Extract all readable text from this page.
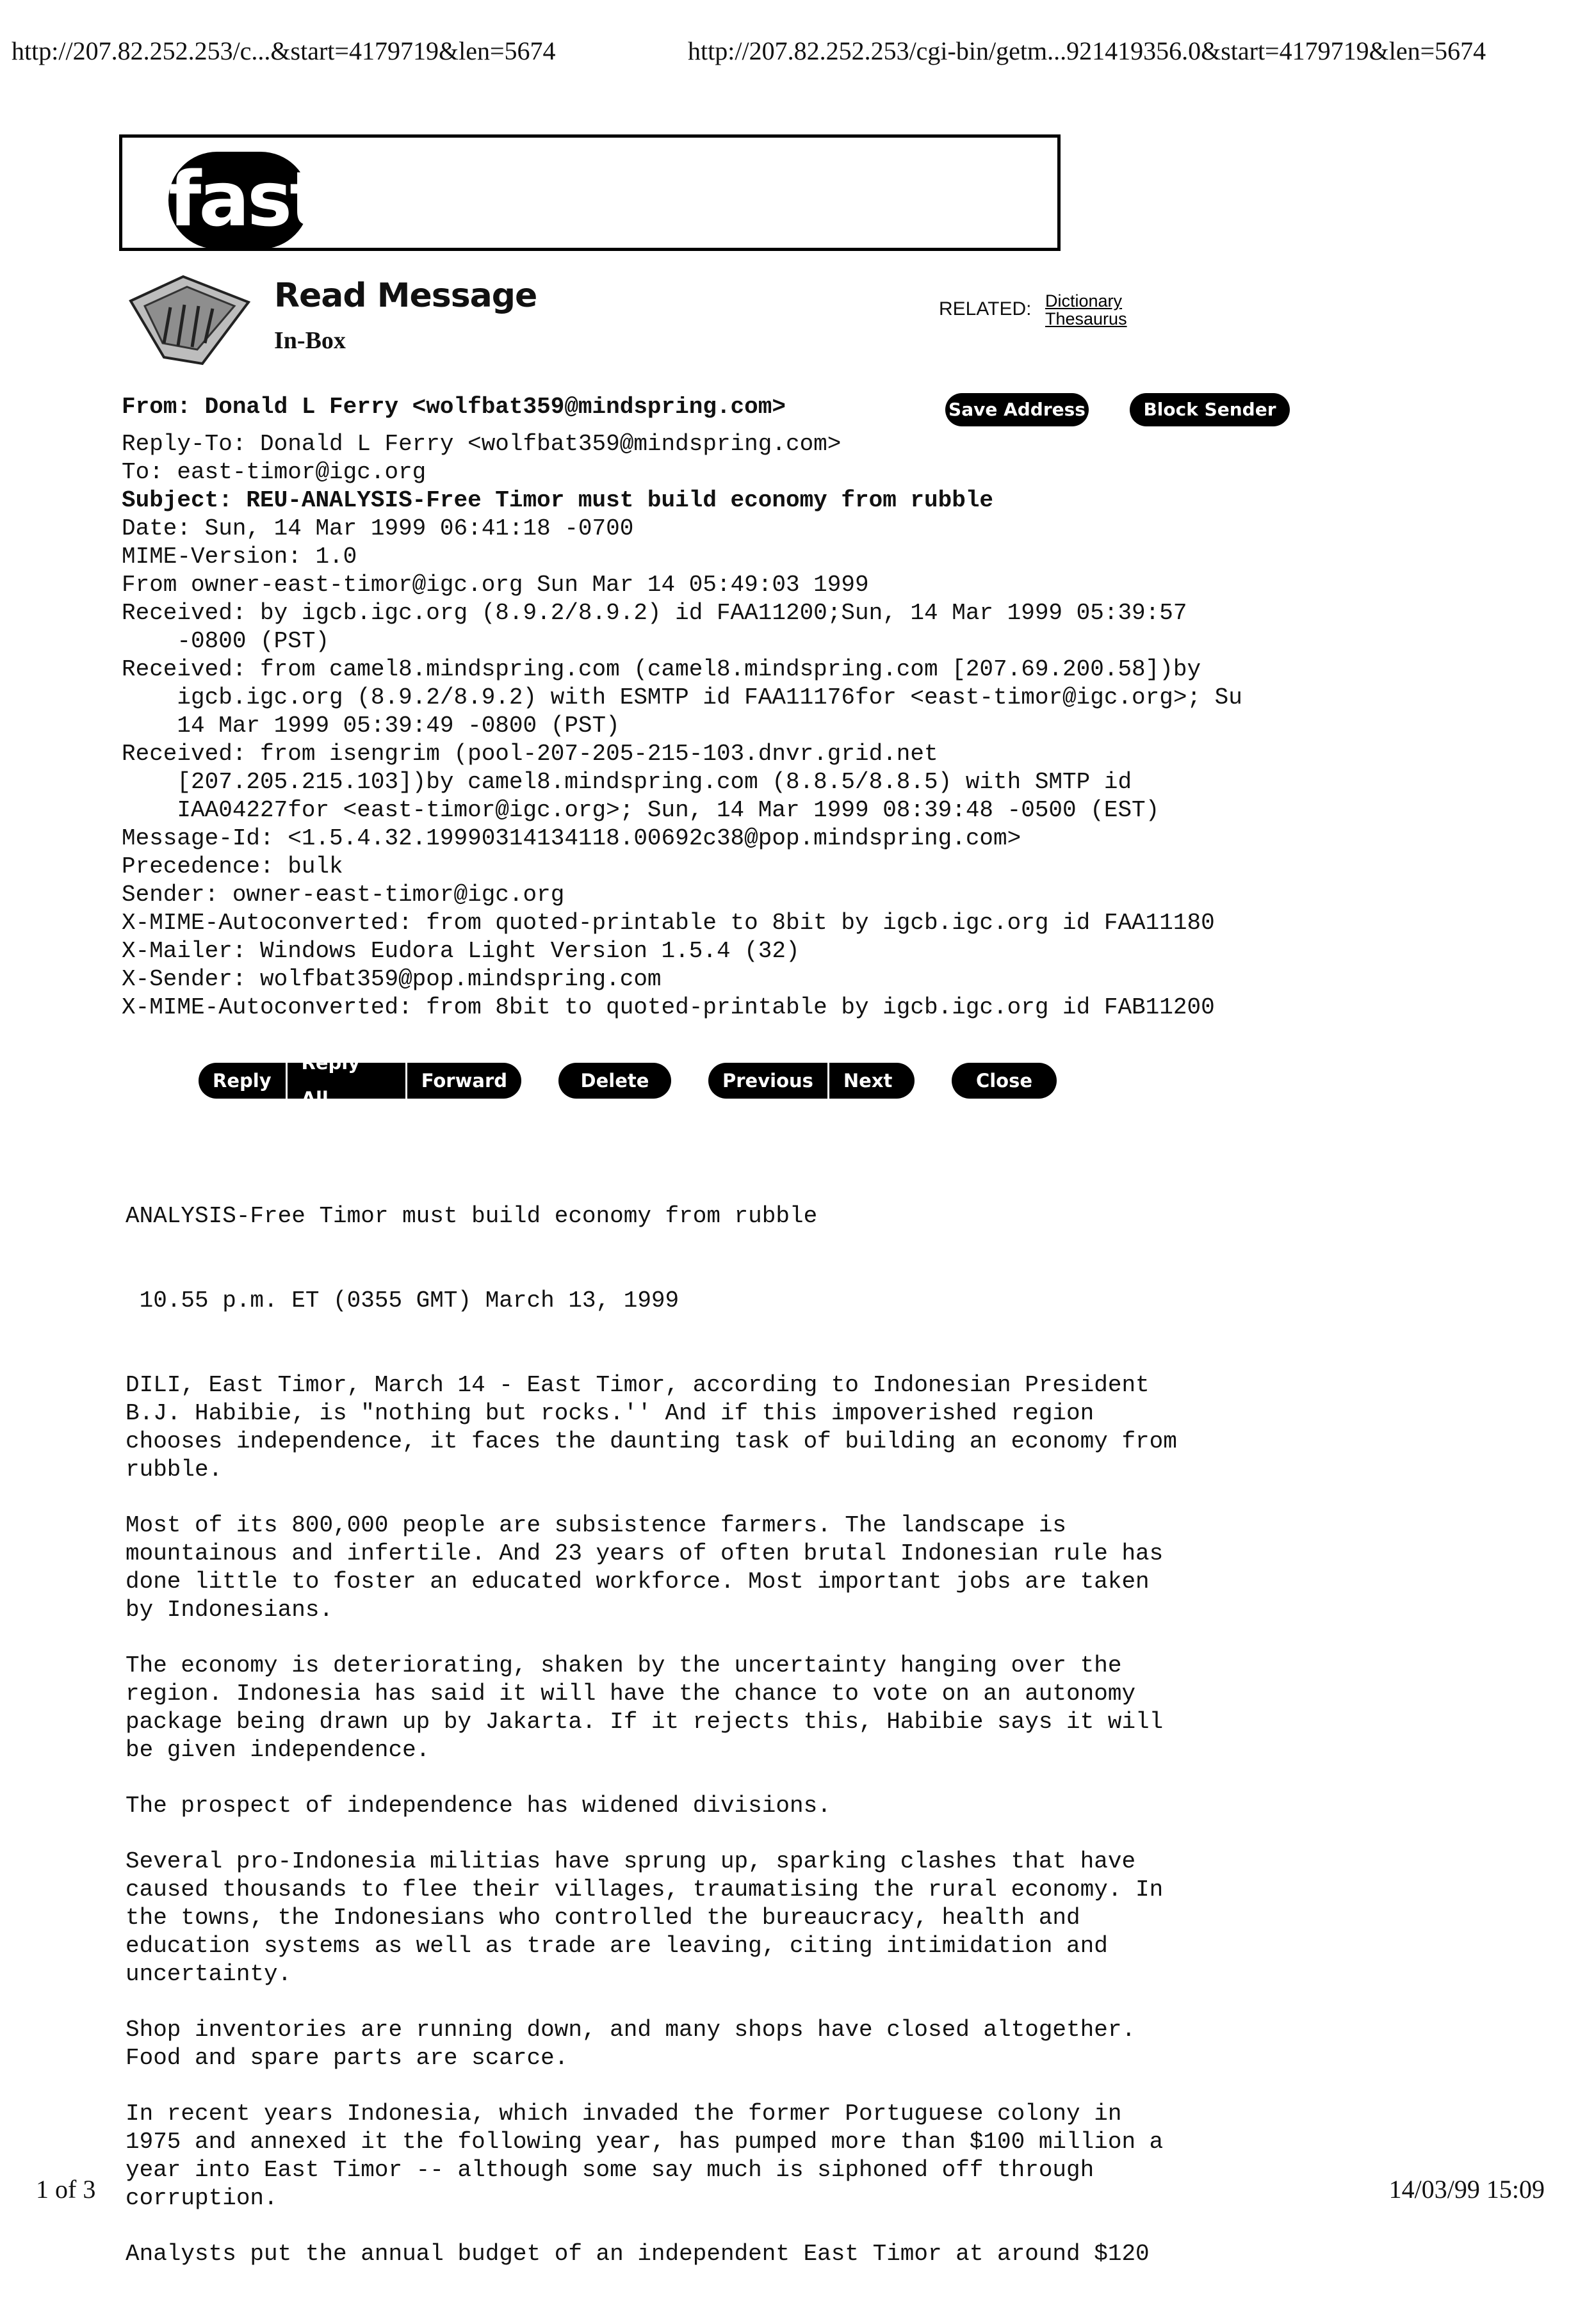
http://207.82.252.253/c...&start=4179719&len=5674	http://207.82.252.253/cgi-bin/getm...921419356.0&start=4179719&len=5674
fast
Read Message
In-Box
RELATED: Dictionary
Thesaurus
From: Donald L Ferry <wolfbat359@mindspring.com>	Save Address	Block Sender
Reply-To: Donald L Ferry <wolfbat359@mindspring.com>
To: east-timor@igc.org
Subject: REU-ANALYSIS-Free Timor must build economy from rubble
Date: Sun, 14 Mar 1999 06:41:18 -0700
MIME-Version: 1.0
From owner-east-timor@igc.org Sun Mar 14 05:49:03 1999
Received: by igcb.igc.org (8.9.2/8.9.2) id FAA11200;Sun, 14 Mar 1999 05:39:57
-0800 (PST)
Received: from camel8.mindspring.com (camel8.mindspring.com [207.69.200.58])by
igcb.igc.org (8.9.2/8.9.2) with ESMTP id FAA11176for <east-timor@igc.org>; Su
14 Mar 1999 05:39:49 -0800 (PST)
Received: from isengrim (pool-207-205-215-103.dnvr.grid.net
[207.205.215.103])by camel8.mindspring.com (8.8.5/8.8.5) with SMTP id
IAA04227for <east-timor@igc.org>; Sun, 14 Mar 1999 08:39:48 -0500 (EST)
Message-Id: <1.5.4.32.19990314134118.00692c38@pop.mindspring.com>
Precedence: bulk
Sender: owner-east-timor@igc.org
X-MIME-Autoconverted: from quoted-printable to 8bit by igcb.igc.org id FAA11180
X-Mailer: Windows Eudora Light Version 1.5.4 (32)
X-Sender: wolfbat359@pop.mindspring.com
X-MIME-Autoconverted: from 8bit to quoted-printable by igcb.igc.org id FAB11200
Reply
Reply All
Forward	Delete	Previous	Next	Close

ANALYSIS-Free Timor must build economy from rubble

10.55 p.m. ET (0355 GMT) March 13, 1999

DILI, East Timor, March 14 - East Timor, according to Indonesian President
B.J. Habibie, is "nothing but rocks.'' And if this impoverished region
chooses independence, it faces the daunting task of building an economy from
rubble.

Most of its 800,000 people are subsistence farmers. The landscape is
mountainous and infertile. And 23 years of often brutal Indonesian rule has
done little to foster an educated workforce. Most important jobs are taken
by Indonesians.

The economy is deteriorating, shaken by the uncertainty hanging over the
region. Indonesia has said it will have the chance to vote on an autonomy
package being drawn up by Jakarta. If it rejects this, Habibie says it will
be given independence.

The prospect of independence has widened divisions.

Several pro-Indonesia militias have sprung up, sparking clashes that have
caused thousands to flee their villages, traumatising the rural economy. In
the towns, the Indonesians who controlled the bureaucracy, health and
education systems as well as trade are leaving, citing intimidation and
uncertainty.

Shop inventories are running down, and many shops have closed altogether.
Food and spare parts are scarce.

In recent years Indonesia, which invaded the former Portuguese colony in
1975 and annexed it the following year, has pumped more than $100 million a
year into East Timor -- although some say much is siphoned off through
corruption.

Analysts put the annual budget of an independent East Timor at around $120

1 of 3	14/03/99 15:09
